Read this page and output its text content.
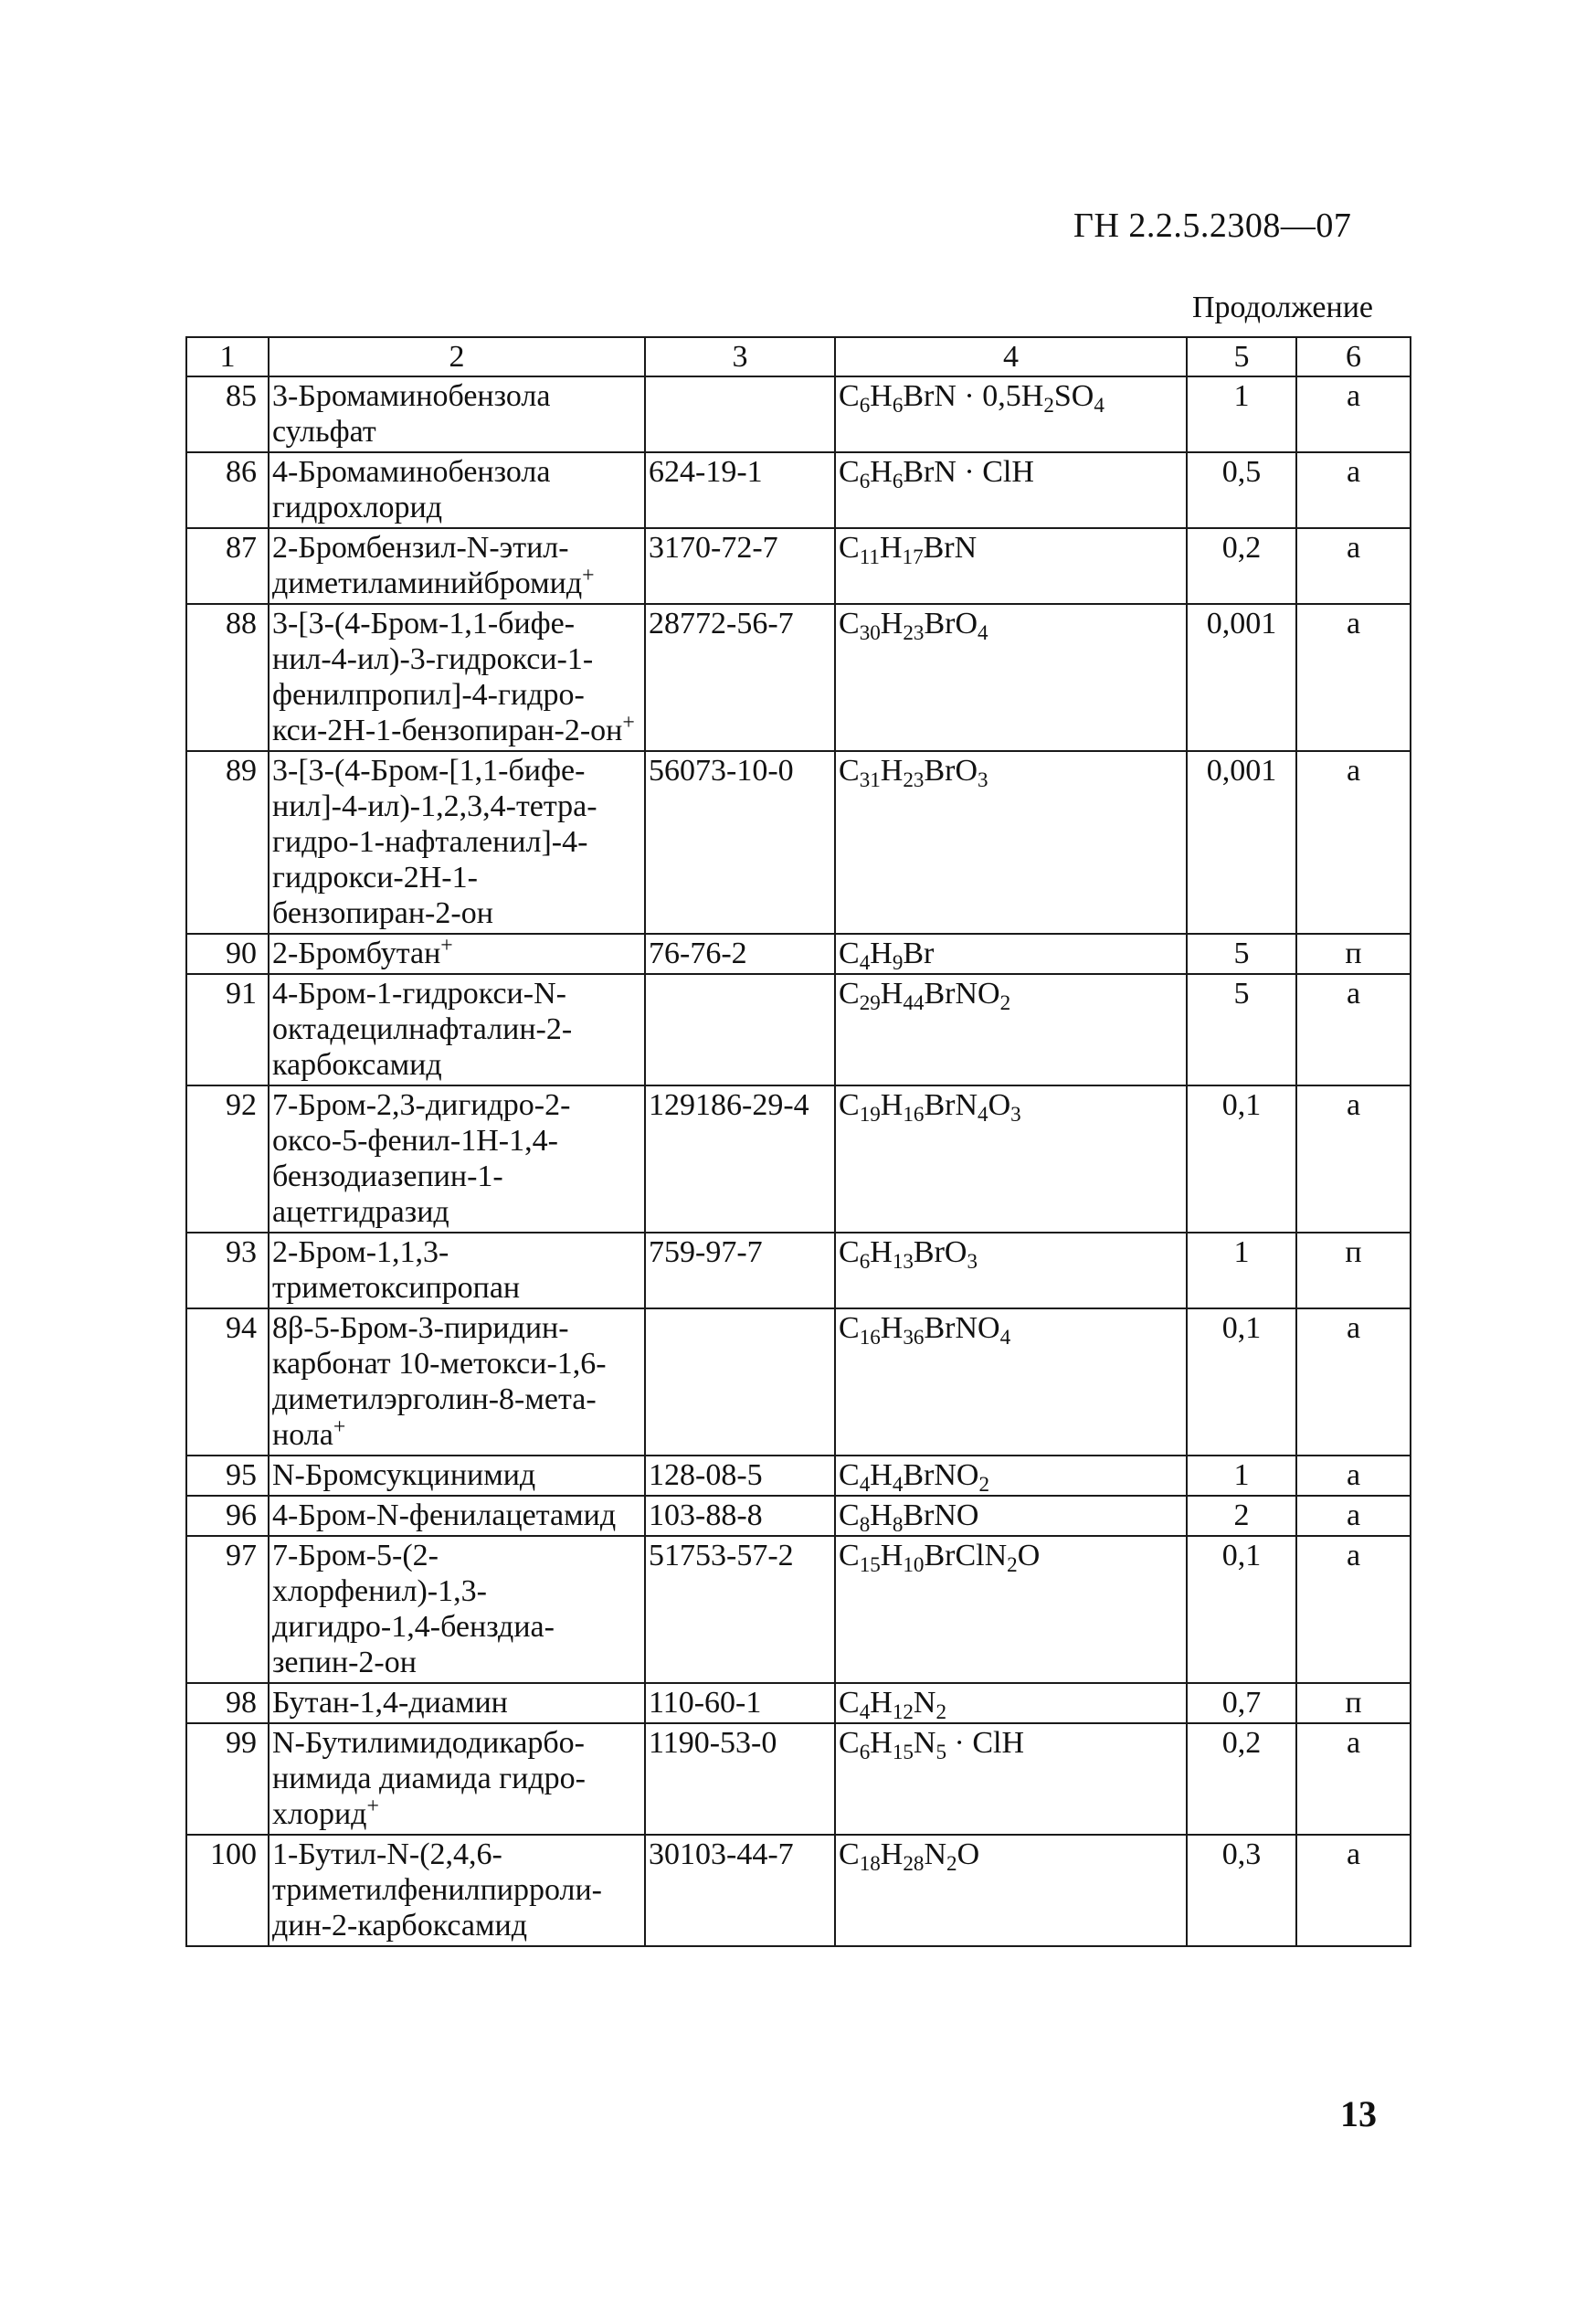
ГН 2.2.5.2308—07
Продолжение
1	2	3	4	5	6
85	3-Бромаминобензола сульфат		$C_6H_6BrN \cdot 0,5H_2SO_4$	1	а
86	4-Бромаминобензола гидрохлорид	624-19-1	$C_6H_6BrN$ · ClH	0,5	а
87	2-Бромбензил-N-этил-диметиламинийбромид+	3170-72-7	$C_{11}H_{17}BrN$	0,2	а
88	3-[3-(4-Бром-1,1-бифе-нил-4-ил)-3-гидрокси-1-фенилпропил]-4-гидро-кси-2Н-1-бензопиран-2-он+	28772-56-7	$C_{30}H_{23}BrO_4$	0,001	а
89	3-[3-(4-Бром-[1,1-бифе-нил]-4-ил)-1,2,3,4-тетра-гидро-1-нафталенил]-4-гидрокси-2Н-1-бензопиран-2-он	56073-10-0	$C_{31}H_{23}BrO_3$	0,001	а
90	2-Бромбутан+	76-76-2	$C_4H_9Br$	5	п
91	4-Бром-1-гидрокси-N-октадецилнафталин-2-карбоксамид		$C_{29}H_{44}BrNO_2$	5	а
92	7-Бром-2,3-дигидро-2-оксо-5-фенил-1Н-1,4-бензодиазепин-1-ацетгидразид	129186-29-4	$C_{19}H_{16}BrN_4O_3$	0,1	а
93	2-Бром-1,1,3-триметоксипропан	759-97-7	$C_6H_{13}BrO_3$	1	п
94	8β-5-Бром-3-пиридин-карбонат 10-метокси-1,6-диметилэрголин-8-мета-нола+		$C_{16}H_{36}BrNO_4$	0,1	а
95	N-Бромсукцинимид	128-08-5	$C_4H_4BrNO_2$	1	а
96	4-Бром-N-фенилацетамид	103-88-8	$C_8H_8BrNO$	2	а
97	7-Бром-5-(2-хлорфенил)-1,3-дигидро-1,4-бенздиа-зепин-2-он	51753-57-2	$C_{15}H_{10}BrClN_2O$	0,1	а
98	Бутан-1,4-диамин	110-60-1	$C_4H_{12}N_2$	0,7	п
99	N-Бутилимидодикарбо-нимида диамида гидро-хлорид+	1190-53-0	$C_6H_{15}N_5$ · ClH	0,2	а
100	1-Бутил-N-(2,4,6-триметилфенилпирроли-дин-2-карбоксамид	30103-44-7	$C_{18}H_{28}N_2O$	0,3	а
13
